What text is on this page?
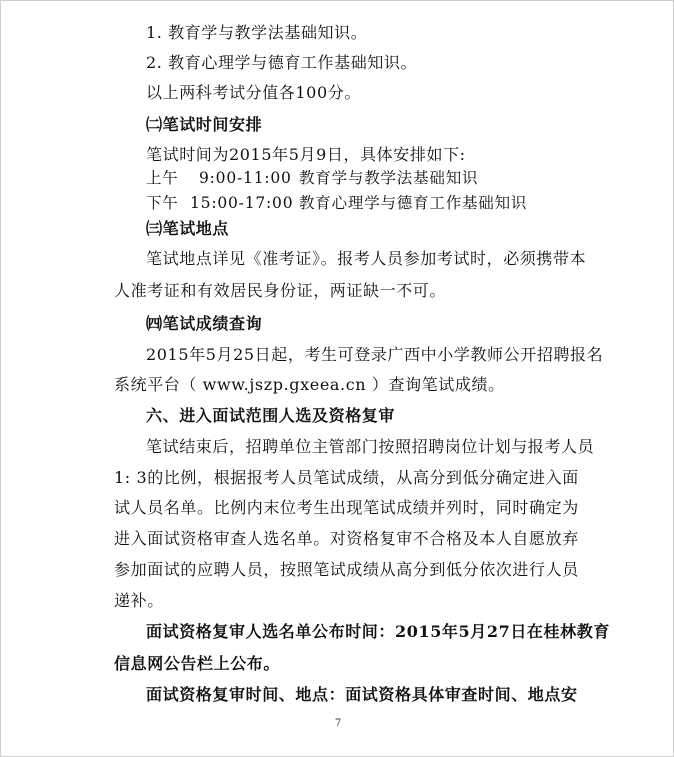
1. 教育学与教学法基础知识。
2. 教育心理学与德育工作基础知识。
以上两科考试分值各100分。
㈡笔试时间安排
笔试时间为2015年5月9日，具体安排如下:
上午 9:00-11:00 教育学与教学法基础知识
下午 15:00-17:00 教育心理学与德育工作基础知识
㈢笔试地点
笔试地点详见《准考证》。报考人员参加考试时，必须携带本
人准考证和有效居民身份证，两证缺一不可。
㈣笔试成绩查询
2015年5月25日起，考生可登录广西中小学教师公开招聘报名
系统平台（ www.jszp.gxeea.cn ）查询笔试成绩。
六、进入面试范围人选及资格复审
笔试结束后，招聘单位主管部门按照招聘岗位计划与报考人员
1: 3的比例，根据报考人员笔试成绩，从高分到低分确定进入面
试人员名单。比例内末位考生出现笔试成绩并列时，同时确定为
进入面试资格审查人选名单。对资格复审不合格及本人自愿放弃
参加面试的应聘人员，按照笔试成绩从高分到低分依次进行人员
递补。
面试资格复审人选名单公布时间：2015年5月27日在桂林教育
信息网公告栏上公布。
面试资格复审时间、地点：面试资格具体审查时间、地点安
7
